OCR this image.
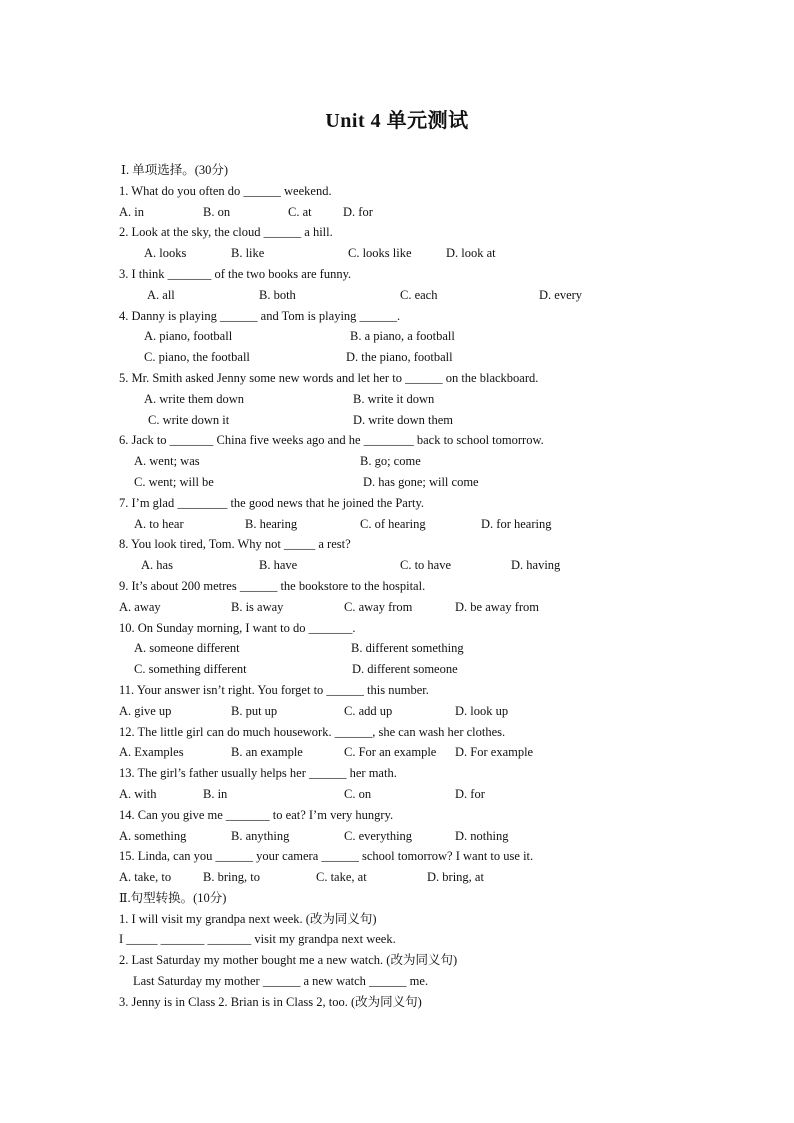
Unit 4 单元测试
Ⅰ. 单项选择。(30分)
1. What do you often do ______ weekend.
A. in	B. on	C. at	D. for
2. Look at the sky, the cloud ______ a hill.
A. looks	B. like	C. looks like	D. look at
3. I think _______ of the two books are funny.
A. all	B. both	C. each	D. every
4. Danny is playing ______ and Tom is playing ______.
A. piano, football	B. a piano, a football
C. piano, the football	D. the piano, football
5. Mr. Smith asked Jenny some new words and let her to ______ on the blackboard.
A. write them down	B. write it down
C. write down it	D. write down them
6. Jack to _______ China five weeks ago and he ________ back to school tomorrow.
A. went; was	B. go; come
C. went; will be	D. has gone; will come
7. I’m glad ________ the good news that he joined the Party.
A. to hear	B. hearing	C. of hearing	D. for hearing
8. You look tired, Tom. Why not _____ a rest?
A. has	B. have	C. to have	D. having
9. It’s about 200 metres ______ the bookstore to the hospital.
A. away	B. is away	C. away from	D. be away from
10. On Sunday morning, I want to do _______.
A. someone different	B. different something
C. something different	D. different someone
11. Your answer isn’t right. You forget to ______ this number.
A. give up	B. put up	C. add up	D. look up
12. The little girl can do much housework. ______, she can wash her clothes.
A. Examples	B. an example	C. For an example D. For example
13. The girl’s father usually helps her ______ her math.
A. with	B. in	C. on	D. for
14. Can you give me _______ to eat? I’m very hungry.
A. something	B. anything	C. everything	D. nothing
15. Linda, can you ______ your camera ______ school tomorrow? I want to use it.
A. take, to	B. bring, to	C. take, at	D. bring, at
Ⅱ.句型转换。(10分)
1. I will visit my grandpa next week. (改为同义句)
I _____ _______ _______ visit my grandpa next week.
2. Last Saturday my mother bought me a new watch. (改为同义句)
Last Saturday my mother ______ a new watch ______ me.
3. Jenny is in Class 2. Brian is in Class 2, too. (改为同义句)
